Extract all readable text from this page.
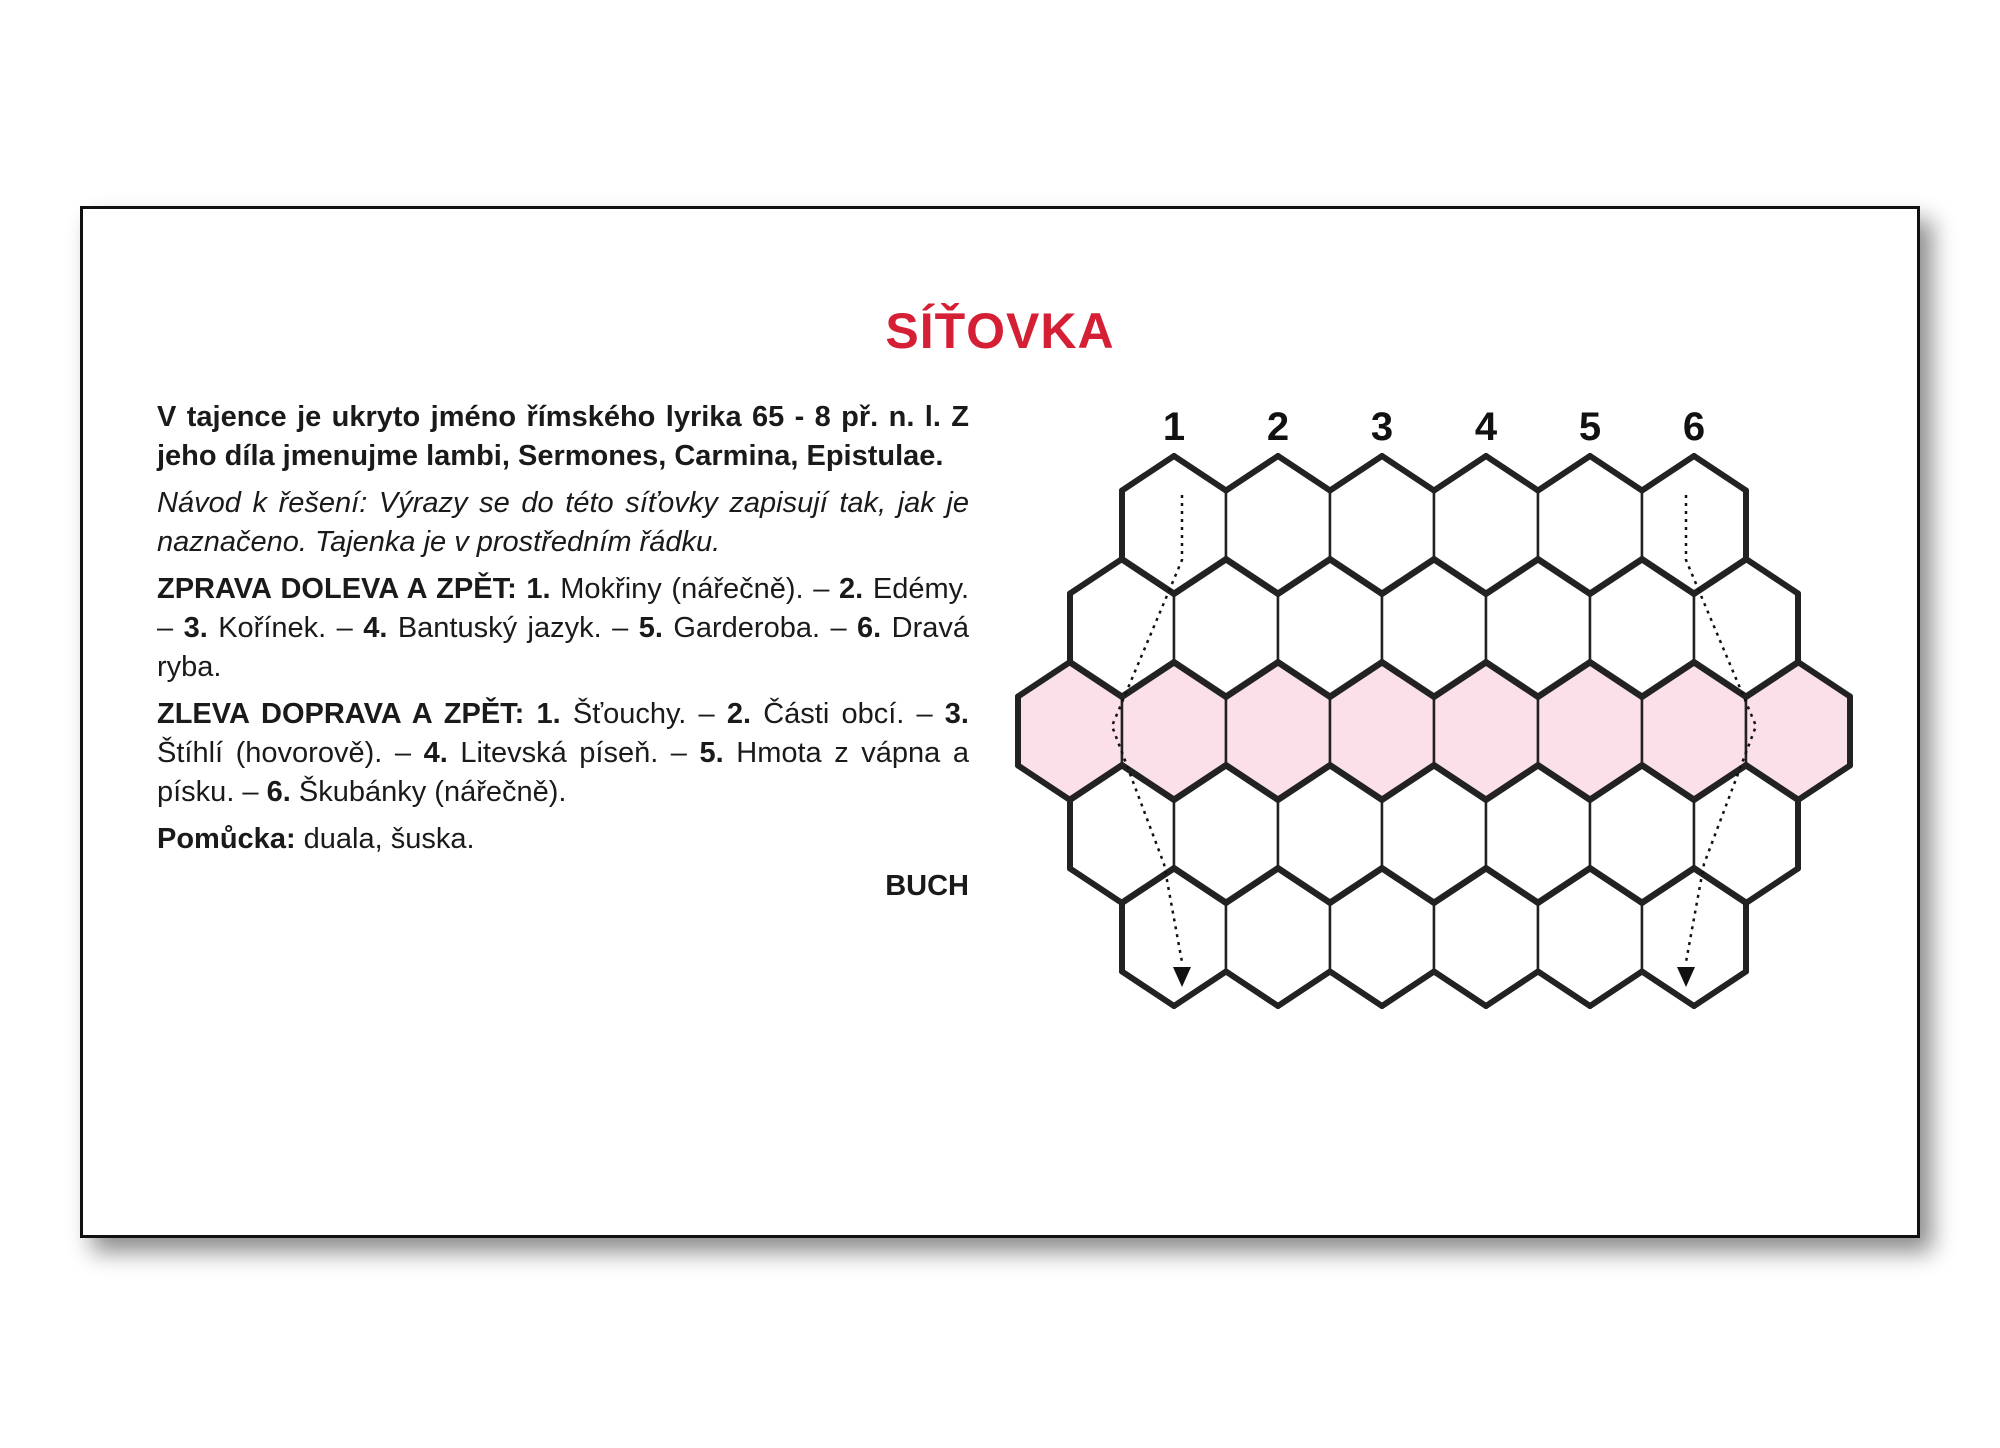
SÍŤOVKA

V tajence je ukryto jméno římského lyrika 65 - 8 př. n. l. Z jeho díla jmenujme lambi, Sermones, Carmina, Epistulae.

Návod k řešení: Výrazy se do této síťovky zapisují tak, jak je naznačeno. Tajenka je v prostředním řádku.

ZPRAVA DOLEVA A ZPĚT: 1. Mokřiny (nářečně). – 2. Edémy. – 3. Kořínek. – 4. Bantuský jazyk. – 5. Garderoba. – 6. Dravá ryba.

ZLEVA DOPRAVA A ZPĚT: 1. Šťouchy. – 2. Části obcí. – 3. Štíhlí (hovorově). – 4. Litevská píseň. – 5. Hmota z vápna a písku. – 6. Škubánky (nářečně).

Pomůcka: duala, šuska.

BUCH

1 2 3 4 5 6
